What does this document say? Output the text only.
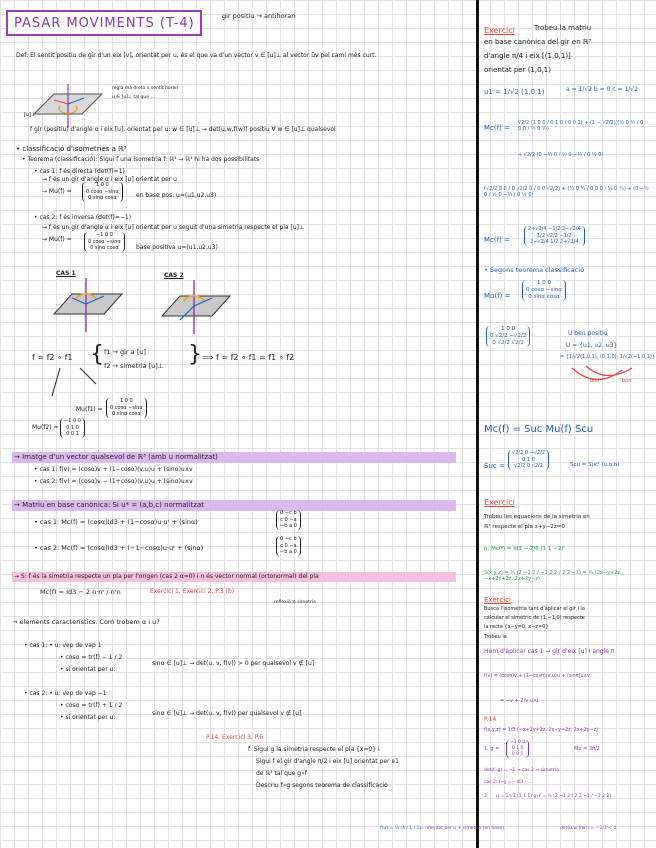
PASAR MOVIMENTS (T-4)	gir positiu → antihorari
Def: El sentit positiu de gir d'un eix [v], orientat per u, és el que va d'un vector v ∈ [u]⊥ al vector ũv pel camí més curt.
regla mà dreta o sentit horari
u ∈ [u]⊥ tal que ...
[u]⊥
f gir (positiu) d'angle α i eix [u], orientat per u: w ∈ [u]⊥ → det(u,w,f(w)) positiu ∀ w ∈ [u]⊥ qualsevol
• classificació d'isometries a ℝ³
• Teorema (classificació): Sigui f una isometria f: ℝ³ → ℝ³ hi ha dos possibilitats
• cas 1: f és directa (det(f)=1)
→ f és un gir d'angle α i eix [u] orientat per u
→ Mu(f) =
1 0 0
0 cosα −sinα
0 sinα cosα	en base pos. u=(u1,u2,u3)
• cas 2: f és inversa (det(f)=−1)
→ f és un gir d'angle α i eix [u] orientat per u seguit d'una simetria respecte el pla [u]⊥
→ Mu(f) =
−1 0 0
0 cosα −sinα
0 sinα cosα	base positiva u=(u1,u2,u3)
CAS 1	CAS 2
f = f2 ∘ f1 { f1 → gir a [u]
f2 → simetria [u]⊥ } ⟹ f = f2 ∘ f1 = f1 ∘ f2
Mu(f1) =
1 0 0
0 cosα −sinα
0 sinα cosα
Mu(f2) =
−1 0 0
0 1 0
0 0 1
→ Imatge d'un vector qualsevol de ℝ³ (amb u normalitzat)
• cas 1: f(v) = (cosα)v + (1−cosα)⟨v,u⟩u + (sinα)u∧v
• cas 2: f(v) = (cosα)v − (1+cosα)⟨v,u⟩u + (sinα)u∧v
→ Matriu en base canònica: Si u* = (a,b,c) normalitzat
• cas 1: Mc(f) = (cosα)Id3 + (1−cosα)u·uᵗ + (sinα)
0 −c b
c 0 −a
−b a 0
• cas 2: Mc(f) = (cosα)Id3 + (−1−cosα)u·uᵗ + (sinα)
0 −c b
c 0 −a
−b a 0
→ S: f és la simetria respecte un pla per l'origen (cas 2 α=0) i n és vector normal (ortonormal) del pla
Mc(f) = Id3 − 2 n·nᵗ / nᵗn	Exercici 1, Exercici 2, P.3 (b)
reflexió ≡ simetria
→ elements característics. Com trobem α i u?
• cas 1: • u: vep de vap 1
• cosα = tr(f) − 1 / 2
• si orientat per u:
sinα ∈ [u]⊥ → det(u, v, f(v)) > 0 per qualsevol v ∉ [u]
• cas 2: • u: vep de vap −1
• cosα = tr(f) + 1 / 2
• si orientat per u:
sinα ∈ [u]⊥ → det(u, v, f(v)) per qualsevol v ∉ [u]
P.14, Exercici 3, P.6
f: Sigui g la simetria respecte el pla {x=0} i
Sigui f el gir d'angle π/2 i eix [u] orientat per e1
de ℝ³ tal que g∘f
Descriu f∘g segons teorema de classificació
Exercici	Trobeu la matriu
en base canònica del gir en ℝ³
d'angle π/4 i eix [(1,0,1)]
orientat per (1,0,1)
u1 = 1/√2 (1,0,1)	a = 1/√2 b = 0 c = 1/√2
Mc(f) =
√2/2 (1 0 0 / 0 1 0 / 0 0 1) + (1 − √2/2) (½ 0 ½ / 0 0 0 / ½ 0 ½)
+ √2/2 (0 −½ 0 / ½ 0 −½ / 0 ½ 0)
(√2/2 0 0 / 0 √2/2 0 / 0 0 √2/2) + (¼ 0 ¼ / 0 0 0 / ¼ 0 ¼) + (0 −½ 0 / ½ 0 −½ / 0 ½ 0)
Mc(f) =
2+√2/4 −1/2 2−√2/4
1/2 √2/2 −1/2
2−√2/4 1/2 2+√2/4
• Segons teorema classificació
Mu(f) =
1 0 0
0 cosα −sinα
0 sinα cosα
1 0 0
0 √2/2 −√2/2
0 √2/2 √2/2
U ben positiu
U = {u1, u2, u3}
= {1/√2(1,0,1), (0,1,0), 1/√2(−1,0,1)}
bon	bon
Mc(f) = Suc Mu(f) Scu
Suc =
√2/2 0 −√2/2
0 1 0
√2/2 0 √2/2	Scu = Sucᵗ (u.o.n)
Exercici
Trobeu les equacions de la simetria en
ℝ³ respecte el pla x+y−2z=0
n: Mc(f) = Id3 − 2/6 (1 1 −2)ᵗ
S(x y z) = ⅓ (2 −1 2 / −1 2 2 / 2 2 −1) = ⅓ (2x−y+2z, −x+2y+2z, 2x+2y−z)
Exercici
Busca l'isometria tant d'aplicar el gir i la
calcular el simètric de (1,−1,0) respecte
la recta {x−y=0, x−z=0}
Trobeu la
Hem d'aplicar cas 1 → gir d'eix [u] i angle π
f(v) = (cosπ)v + (1−cosπ)⟨v,u⟩u + (sinπ)u∧v
= −v + 2⟨v,u⟩u
P.14
f(x,y,z) = 1/3 (−x+2y+2z, 2x−y+2z, 2x+2y−z)
1. g =
−1 0 0
0 1 0
0 0 1
Mu = 3π/2
det(f∘g) = −1 → cas 2 → simetria
cas 2: f∘g = −Id3 · ...
2. u = 1/√3 (1 1 1) g∘f = ⅓ (2 −1 2 / 2 2 −1 / −1 2 2)
f(u) = ⅓ (4 / 1 / 1)
= orientat per u + simetria (en base)	det(u,w,f(w)) = −2/3 < 0
